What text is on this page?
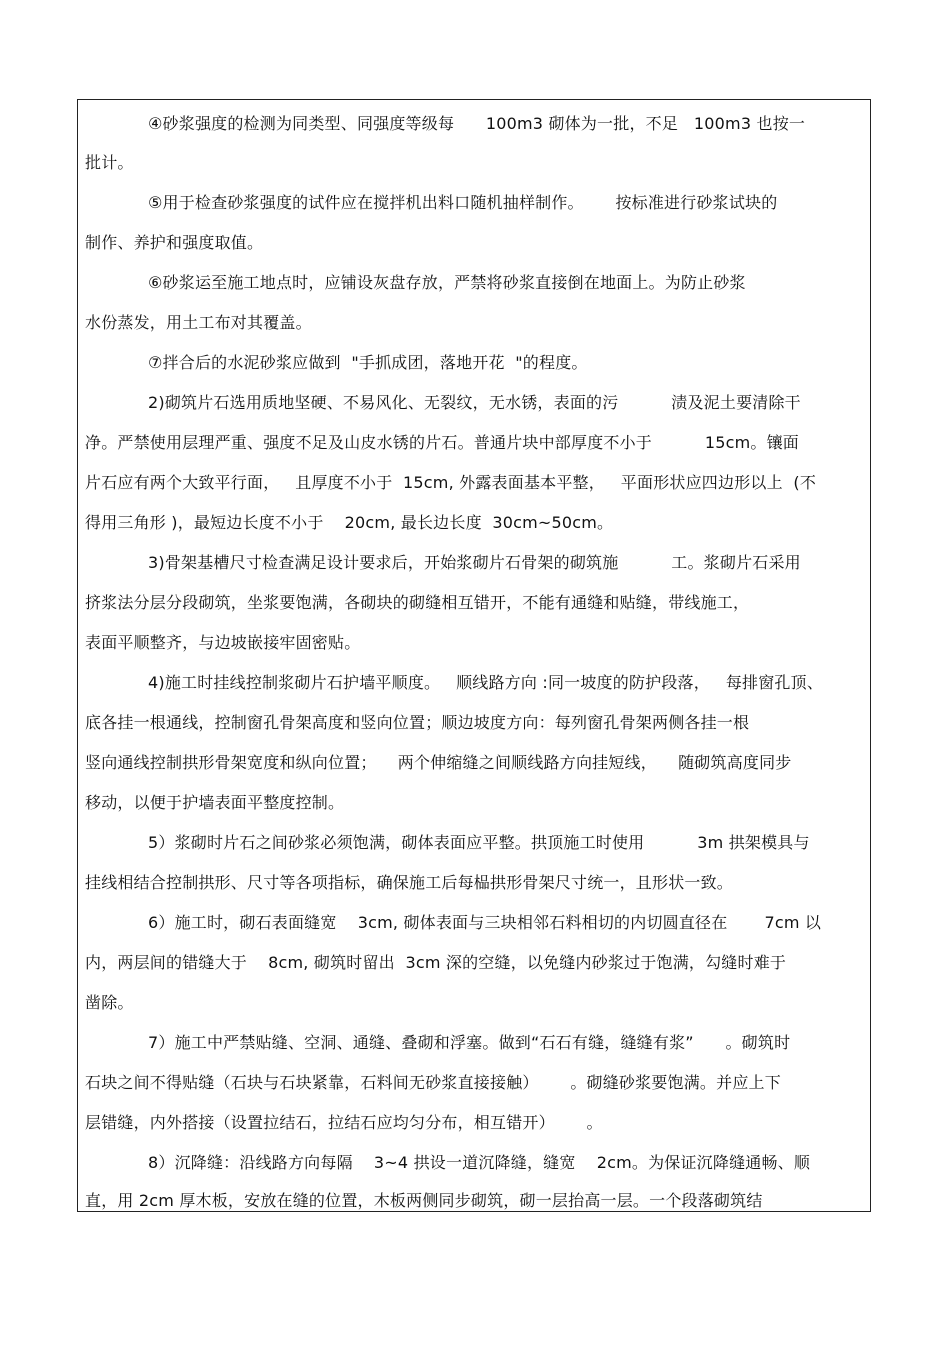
④砂浆强度的检测为同类型、同强度等级每      100m3 砌体为一批，不足   100m3 也按一
批计。
⑤用于检查砂浆强度的试件应在搅拌机出料口随机抽样制作。      按标准进行砂浆试块的
制作、养护和强度取值。
⑥砂浆运至施工地点时，应铺设灰盘存放，严禁将砂浆直接倒在地面上。为防止砂浆
水份蒸发，用土工布对其覆盖。
⑦拌合后的水泥砂浆应做到  "手抓成团，落地开花  "的程度。
2)砌筑片石选用质地坚硬、不易风化、无裂纹，无水锈，表面的污          渍及泥土要清除干
净。严禁使用层理严重、强度不足及山皮水锈的片石。普通片块中部厚度不小于          15cm。镶面
片石应有两个大致平行面，   且厚度不小于  15cm, 外露表面基本平整，   平面形状应四边形以上  (不
得用三角形 )，最短边长度不小于    20cm, 最长边长度  30cm~50cm。
3)骨架基槽尺寸检查满足设计要求后，开始浆砌片石骨架的砌筑施          工。浆砌片石采用
挤浆法分层分段砌筑，坐浆要饱满，各砌块的砌缝相互错开，不能有通缝和贴缝，带线施工，
表面平顺整齐，与边坡嵌接牢固密贴。
4)施工时挂线控制浆砌片石护墙平顺度。   顺线路方向 :同一坡度的防护段落，   每排窗孔顶、
底各挂一根通线，控制窗孔骨架高度和竖向位置；顺边坡度方向：每列窗孔骨架两侧各挂一根
竖向通线控制拱形骨架宽度和纵向位置；    两个伸缩缝之间顺线路方向挂短线，    随砌筑高度同步
移动，以便于护墙表面平整度控制。
5）浆砌时片石之间砂浆必须饱满，砌体表面应平整。拱顶施工时使用          3m 拱架模具与
挂线相结合控制拱形、尺寸等各项指标，确保施工后每榀拱形骨架尺寸统一，且形状一致。
6）施工时，砌石表面缝宽    3cm, 砌体表面与三块相邻石料相切的内切圆直径在       7cm 以
内，两层间的错缝大于    8cm, 砌筑时留出  3cm 深的空缝，以免缝内砂浆过于饱满，勾缝时难于
凿除。
7）施工中严禁贴缝、空洞、通缝、叠砌和浮塞。做到“石石有缝，缝缝有浆”      。砌筑时
石块之间不得贴缝（石块与石块紧靠，石料间无砂浆直接接触）      。砌缝砂浆要饱满。并应上下
层错缝，内外搭接（设置拉结石，拉结石应均匀分布，相互错开）      。
8）沉降缝：沿线路方向每隔    3~4 拱设一道沉降缝，缝宽    2cm。为保证沉降缝通畅、顺
直，用 2cm 厚木板，安放在缝的位置，木板两侧同步砌筑，砌一层抬高一层。一个段落砌筑结
